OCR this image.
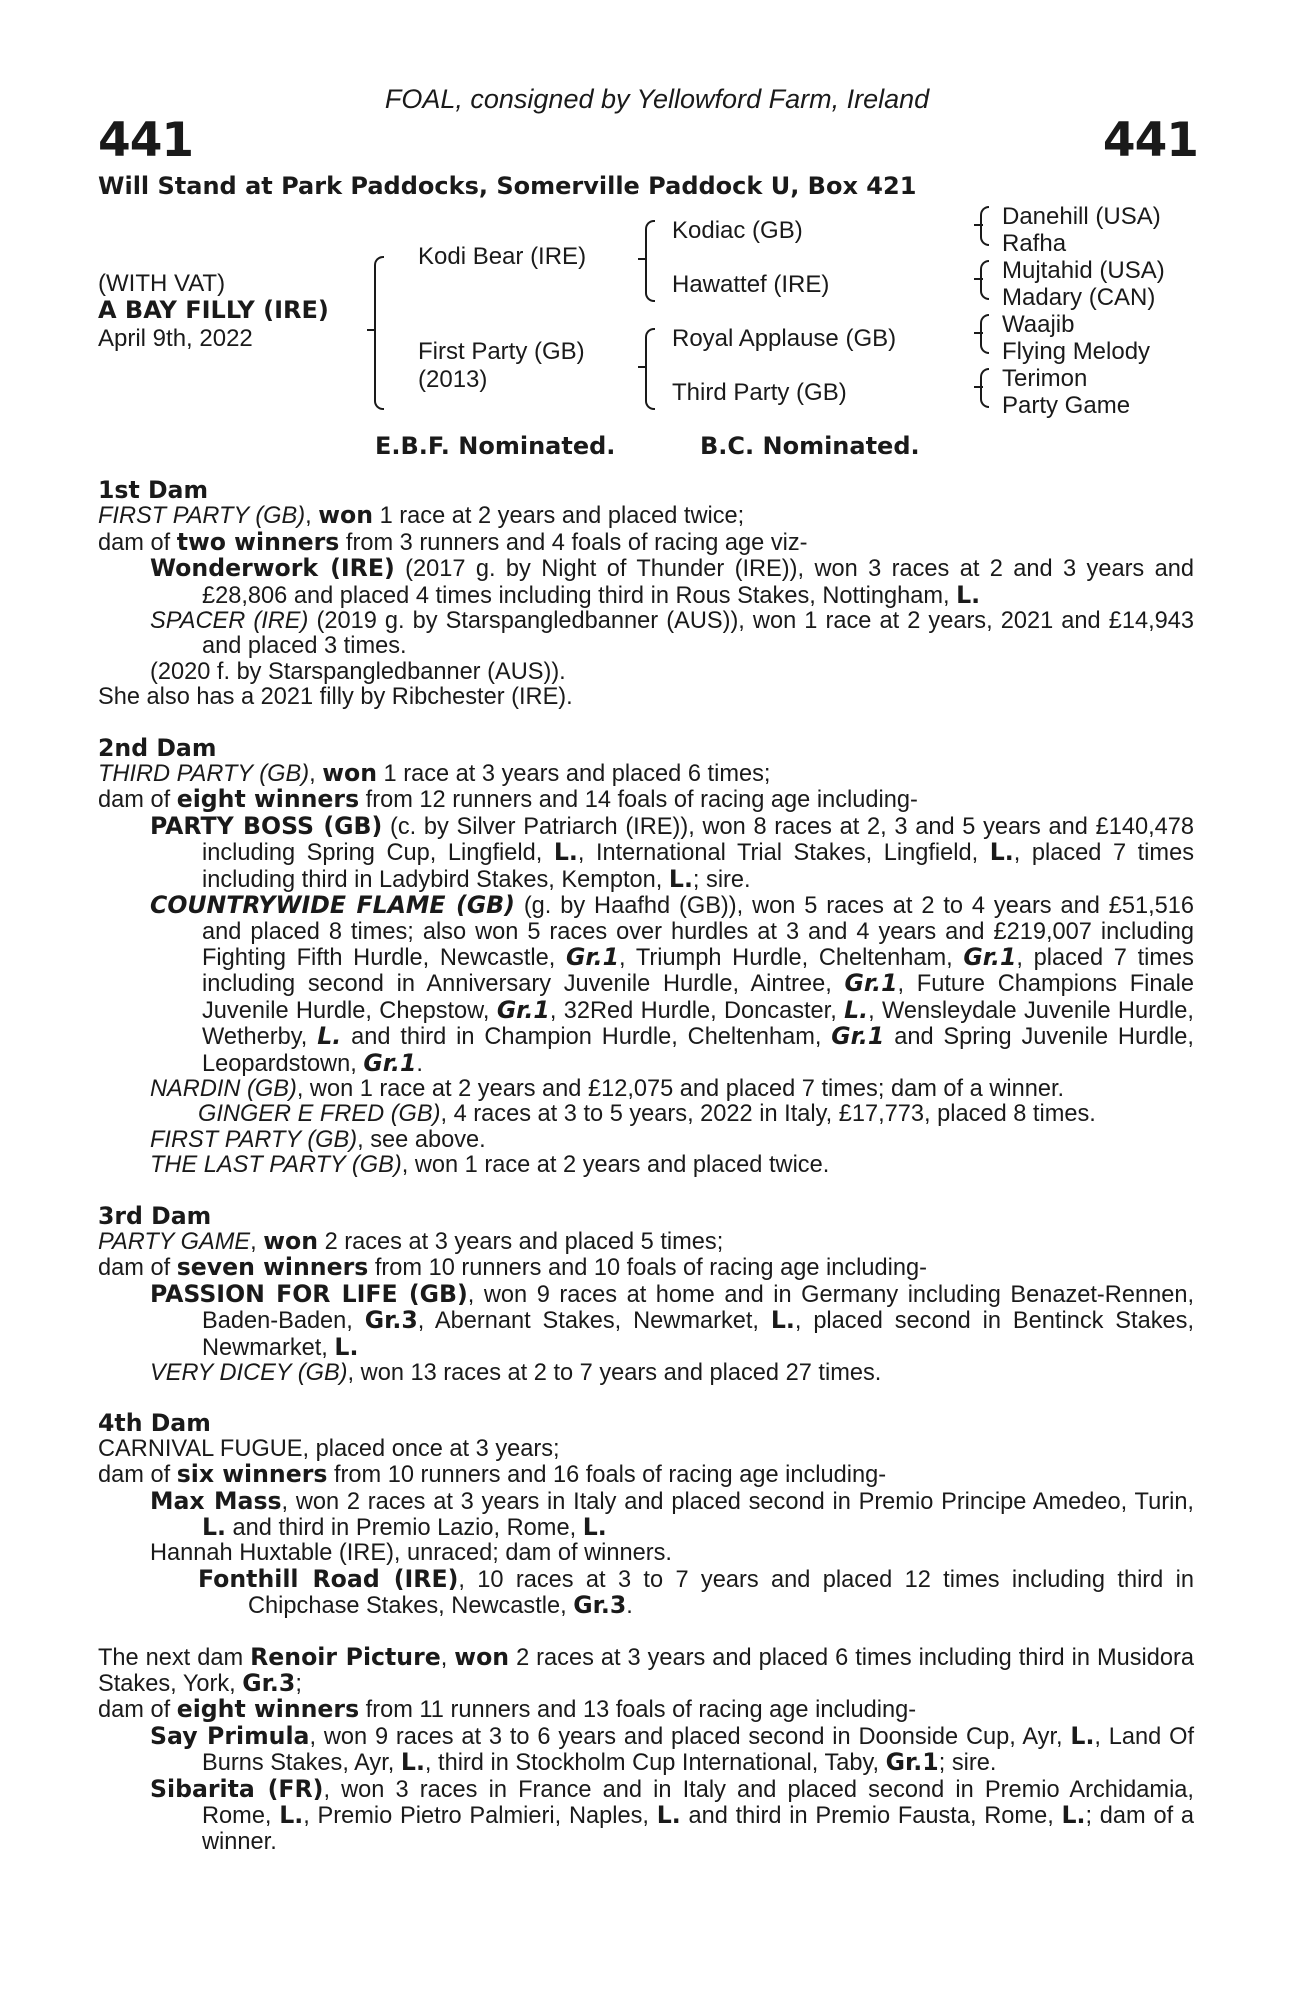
FOAL, consigned by Yellowford Farm, Ireland
441	441
Will Stand at Park Paddocks, Somerville Paddock U, Box 421
(WITH VAT)
A BAY FILLY (IRE)
April 9th, 2022
Kodi Bear (IRE)
First Party (GB)
(2013)
Kodiac (GB)
Hawattef (IRE)
Royal Applause (GB)
Third Party (GB)
Danehill (USA)
Rafha
Mujtahid (USA)
Madary (CAN)
Waajib
Flying Melody
Terimon
Party Game
E.B.F. Nominated.	B.C. Nominated.

1st Dam

FIRST PARTY (GB), won 1 race at 2 years and placed twice;

dam of two winners from 3 runners and 4 foals of racing age viz-

Wonderwork (IRE) (2017 g. by Night of Thunder (IRE)), won 3 races at 2 and 3 years and £28,806 and placed 4 times including third in Rous Stakes, Nottingham, L.

SPACER (IRE) (2019 g. by Starspangledbanner (AUS)), won 1 race at 2 years, 2021 and £14,943 and placed 3 times.

(2020 f. by Starspangledbanner (AUS)).

She also has a 2021 filly by Ribchester (IRE).

2nd Dam

THIRD PARTY (GB), won 1 race at 3 years and placed 6 times;

dam of eight winners from 12 runners and 14 foals of racing age including-

PARTY BOSS (GB) (c. by Silver Patriarch (IRE)), won 8 races at 2, 3 and 5 years and £140,478 including Spring Cup, Lingfield, L., International Trial Stakes, Lingfield, L., placed 7 times including third in Ladybird Stakes, Kempton, L.; sire.

COUNTRYWIDE FLAME (GB) (g. by Haafhd (GB)), won 5 races at 2 to 4 years and £51,516 and placed 8 times; also won 5 races over hurdles at 3 and 4 years and £219,007 including Fighting Fifth Hurdle, Newcastle, Gr.1, Triumph Hurdle, Cheltenham, Gr.1, placed 7 times including second in Anniversary Juvenile Hurdle, Aintree, Gr.1, Future Champions Finale Juvenile Hurdle, Chepstow, Gr.1, 32Red Hurdle, Doncaster, L., Wensleydale Juvenile Hurdle, Wetherby, L. and third in Champion Hurdle, Cheltenham, Gr.1 and Spring Juvenile Hurdle, Leopardstown, Gr.1.

NARDIN (GB), won 1 race at 2 years and £12,075 and placed 7 times; dam of a winner.

GINGER E FRED (GB), 4 races at 3 to 5 years, 2022 in Italy, £17,773, placed 8 times.

FIRST PARTY (GB), see above.

THE LAST PARTY (GB), won 1 race at 2 years and placed twice.

3rd Dam

PARTY GAME, won 2 races at 3 years and placed 5 times;

dam of seven winners from 10 runners and 10 foals of racing age including-

PASSION FOR LIFE (GB), won 9 races at home and in Germany including Benazet-Rennen, Baden-Baden, Gr.3, Abernant Stakes, Newmarket, L., placed second in Bentinck Stakes, Newmarket, L.

VERY DICEY (GB), won 13 races at 2 to 7 years and placed 27 times.

4th Dam

CARNIVAL FUGUE, placed once at 3 years;

dam of six winners from 10 runners and 16 foals of racing age including-

Max Mass, won 2 races at 3 years in Italy and placed second in Premio Principe Amedeo, Turin, L. and third in Premio Lazio, Rome, L.

Hannah Huxtable (IRE), unraced; dam of winners.

Fonthill Road (IRE), 10 races at 3 to 7 years and placed 12 times including third in Chipchase Stakes, Newcastle, Gr.3.

The next dam Renoir Picture, won 2 races at 3 years and placed 6 times including third in Musidora Stakes, York, Gr.3;

dam of eight winners from 11 runners and 13 foals of racing age including-

Say Primula, won 9 races at 3 to 6 years and placed second in Doonside Cup, Ayr, L., Land Of Burns Stakes, Ayr, L., third in Stockholm Cup International, Taby, Gr.1; sire.

Sibarita (FR), won 3 races in France and in Italy and placed second in Premio Archidamia, Rome, L., Premio Pietro Palmieri, Naples, L. and third in Premio Fausta, Rome, L.; dam of a winner.
